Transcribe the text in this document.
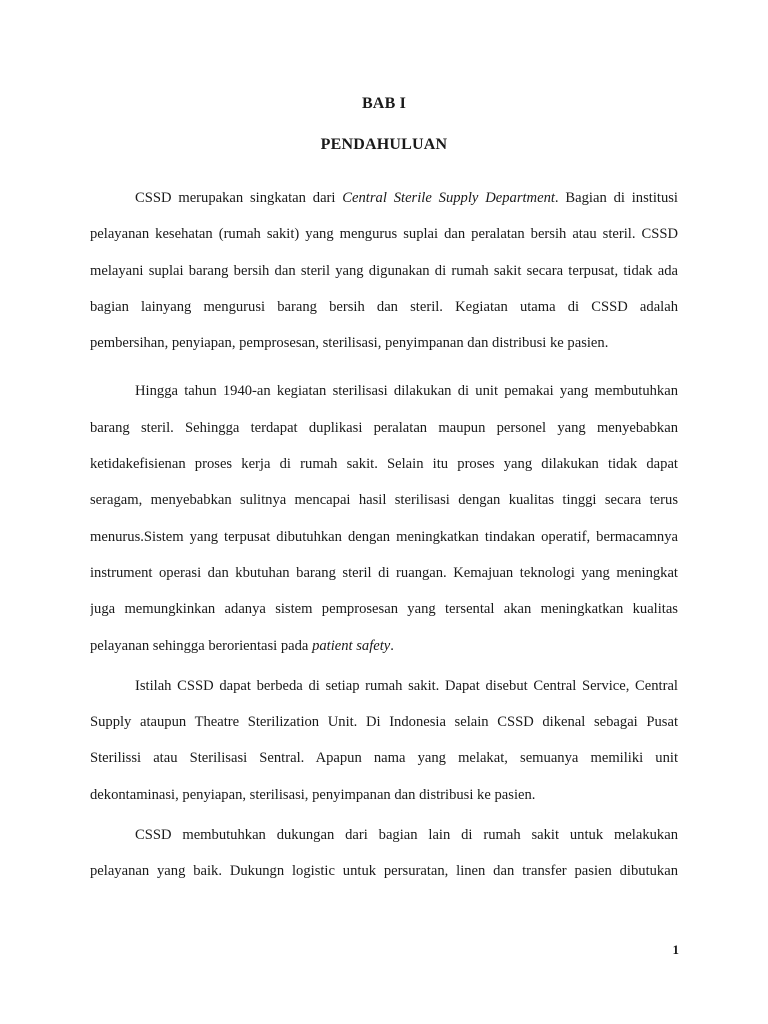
BAB I
PENDAHULUAN
CSSD merupakan singkatan dari Central Sterile Supply Department. Bagian di institusi
pelayanan kesehatan (rumah sakit) yang mengurus suplai dan peralatan bersih atau steril. CSSD
melayani suplai barang bersih dan steril yang digunakan di rumah sakit secara terpusat, tidak ada
bagian lainyang mengurusi barang bersih dan steril. Kegiatan utama di CSSD adalah
pembersihan, penyiapan, pemprosesan, sterilisasi, penyimpanan dan distribusi ke pasien.
Hingga tahun 1940-an kegiatan sterilisasi dilakukan di unit pemakai yang membutuhkan
barang steril. Sehingga terdapat duplikasi peralatan maupun personel yang menyebabkan
ketidakefisienan proses kerja di rumah sakit. Selain itu proses yang dilakukan tidak dapat
seragam, menyebabkan sulitnya mencapai hasil sterilisasi dengan kualitas tinggi secara terus
menurus.Sistem yang terpusat dibutuhkan dengan meningkatkan tindakan operatif, bermacamnya
instrument operasi dan kbutuhan barang steril di ruangan. Kemajuan teknologi yang meningkat
juga memungkinkan adanya sistem pemprosesan yang tersental akan meningkatkan kualitas
pelayanan sehingga berorientasi pada patient safety.
Istilah CSSD dapat berbeda di setiap rumah sakit. Dapat disebut Central Service, Central
Supply ataupun Theatre Sterilization Unit. Di Indonesia selain CSSD dikenal sebagai Pusat
Sterilissi atau Sterilisasi Sentral. Apapun nama yang melakat, semuanya memiliki unit
dekontaminasi, penyiapan, sterilisasi, penyimpanan dan distribusi ke pasien.
CSSD membutuhkan dukungan dari bagian lain di rumah sakit untuk melakukan
pelayanan yang baik. Dukungn logistic untuk persuratan, linen dan transfer pasien dibutukan
1
